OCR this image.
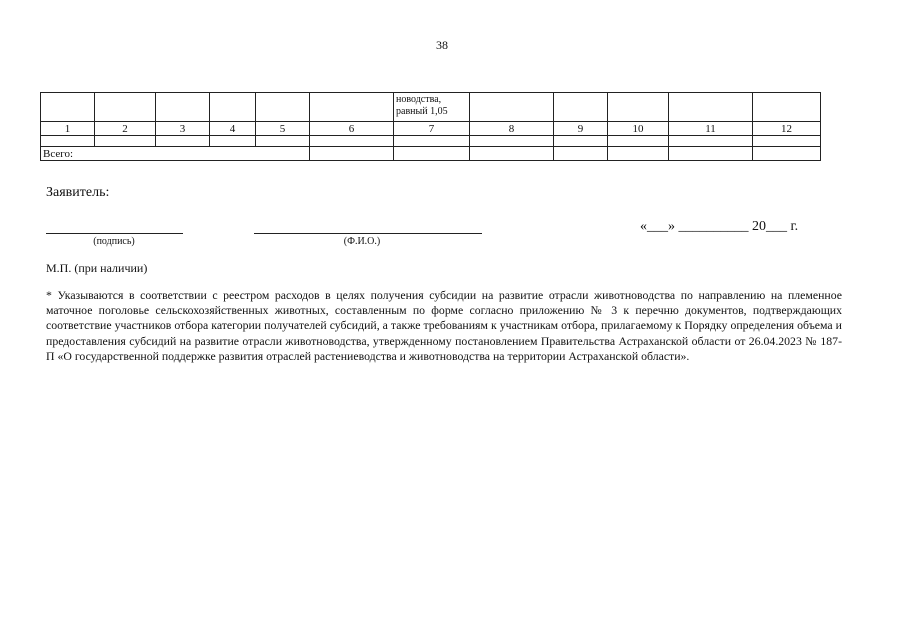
38

						новодства, равный 1,05					

1	2	3	4	5	6	7	8	9	10	11	12

Всего:											
Заявитель:
(подпись)	(Ф.И.О.)
«___» __________ 20___ г.
М.П. (при наличии)
* Указываются в соответствии с реестром расходов в целях получения субсидии на развитие отрасли животноводства по направлению на племенное маточное поголовье сельскохозяйственных животных, составленным по форме согласно приложению № 3 к перечню документов, подтверждающих соответствие участников отбора категории получателей субсидий, а также требованиям к участникам отбора, прилагаемому к Порядку определения объема и предоставления субсидий на развитие отрасли животноводства, утвержденному постановлением Правительства Астраханской области от 26.04.2023 № 187-П «О государственной поддержке развития отраслей растениеводства и животноводства на территории Астраханской области».
